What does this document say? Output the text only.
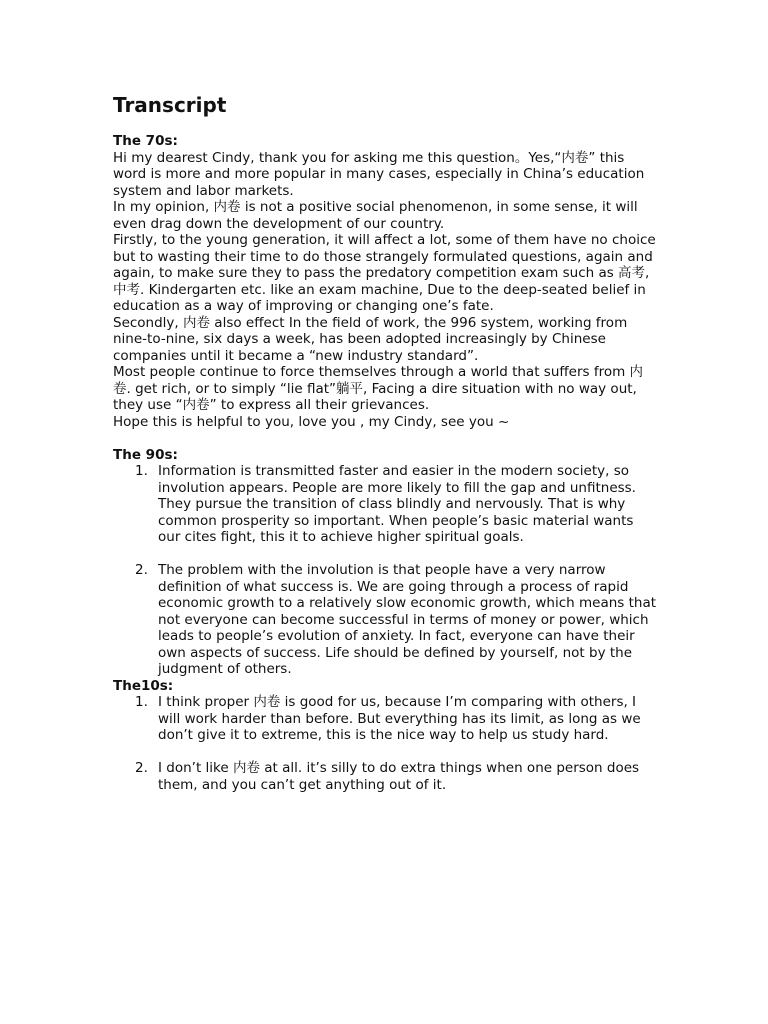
Transcript

The 70s:

Hi my dearest Cindy, thank you for asking me this question。Yes,“内卷” this word is more and more popular in many cases, especially in China’s education system and labor markets.

In my opinion, 内卷 is not a positive social phenomenon, in some sense, it will even drag down the development of our country.

Firstly, to the young generation, it will affect a lot, some of them have no choice but to wasting their time to do those strangely formulated questions, again and again, to make sure they to pass the predatory competition exam such as 高考, 中考. Kindergarten etc. like an exam machine, Due to the deep-seated belief in education as a way of improving or changing one’s fate.

Secondly, 内卷 also effect In the field of work, the 996 system, working from nine-to-nine, six days a week, has been adopted increasingly by Chinese companies until it became a “new industry standard”.

Most people continue to force themselves through a world that suffers from 内卷. get rich, or to simply “lie flat”躺平, Facing a dire situation with no way out, they use “内卷” to express all their grievances.

Hope this is helpful to you, love you , my Cindy, see you ~

The 90s:

1. Information is transmitted faster and easier in the modern society, so involution appears. People are more likely to fill the gap and unfitness. They pursue the transition of class blindly and nervously. That is why common prosperity so important. When people’s basic material wants our cites fight, this it to achieve higher spiritual goals.
2. The problem with the involution is that people have a very narrow definition of what success is. We are going through a process of rapid economic growth to a relatively slow economic growth, which means that not everyone can become successful in terms of money or power, which leads to people’s evolution of anxiety. In fact, everyone can have their own aspects of success. Life should be defined by yourself, not by the judgment of others.

The10s:

1. I think proper 内卷 is good for us, because I’m comparing with others, I will work harder than before. But everything has its limit, as long as we don’t give it to extreme, this is the nice way to help us study hard.
2. I don’t like 内卷 at all. it’s silly to do extra things when one person does them, and you can’t get anything out of it.
